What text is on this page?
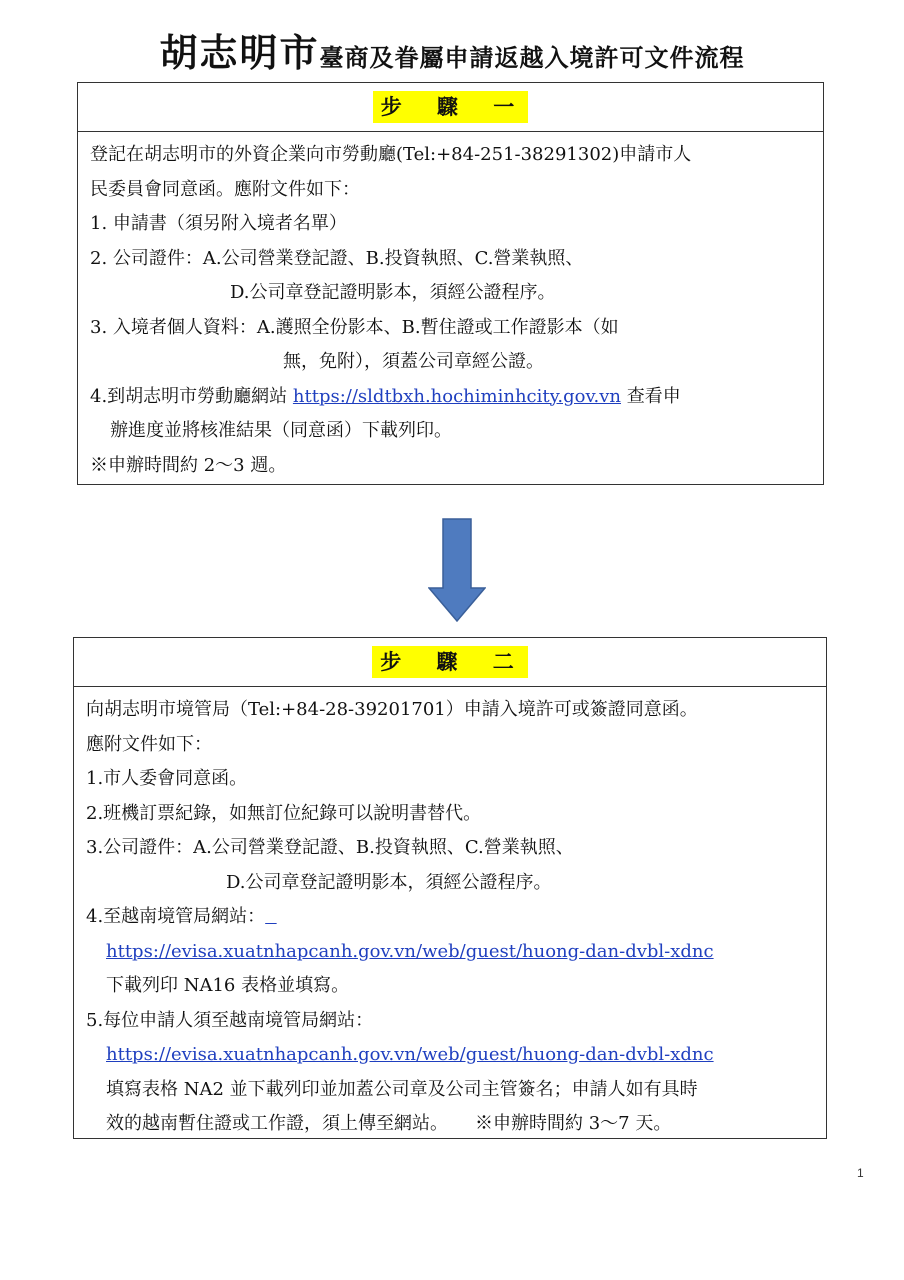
胡志明市臺商及眷屬申請返越入境許可文件流程
步 驟 一
登記在胡志明市的外資企業向市勞動廳(Tel:+84-251-38291302)申請市人
民委員會同意函。應附文件如下：
1. 申請書（須另附入境者名單）
2. 公司證件：A.公司營業登記證、B.投資執照、C.營業執照、
D.公司章登記證明影本，須經公證程序。
3. 入境者個人資料：A.護照全份影本、B.暫住證或工作證影本（如
無，免附），須蓋公司章經公證。
4.到胡志明市勞動廳網站 https://sldtbxh.hochiminhcity.gov.vn 查看申
辦進度並將核准結果（同意函）下載列印。
※申辦時間約 2～3 週。
步 驟 二
向胡志明市境管局（Tel:+84-28-39201701）申請入境許可或簽證同意函。
應附文件如下：
1.市人委會同意函。
2.班機訂票紀錄，如無訂位紀錄可以說明書替代。
3.公司證件：A.公司營業登記證、B.投資執照、C.營業執照、
D.公司章登記證明影本，須經公證程序。
4.至越南境管局網站：
https://evisa.xuatnhapcanh.gov.vn/web/guest/huong-dan-dvbl-xdnc
下載列印 NA16 表格並填寫。
5.每位申請人須至越南境管局網站：
https://evisa.xuatnhapcanh.gov.vn/web/guest/huong-dan-dvbl-xdnc
填寫表格 NA2 並下載列印並加蓋公司章及公司主管簽名；申請人如有具時
效的越南暫住證或工作證，須上傳至網站。　　※申辦時間約 3～7 天。
1
